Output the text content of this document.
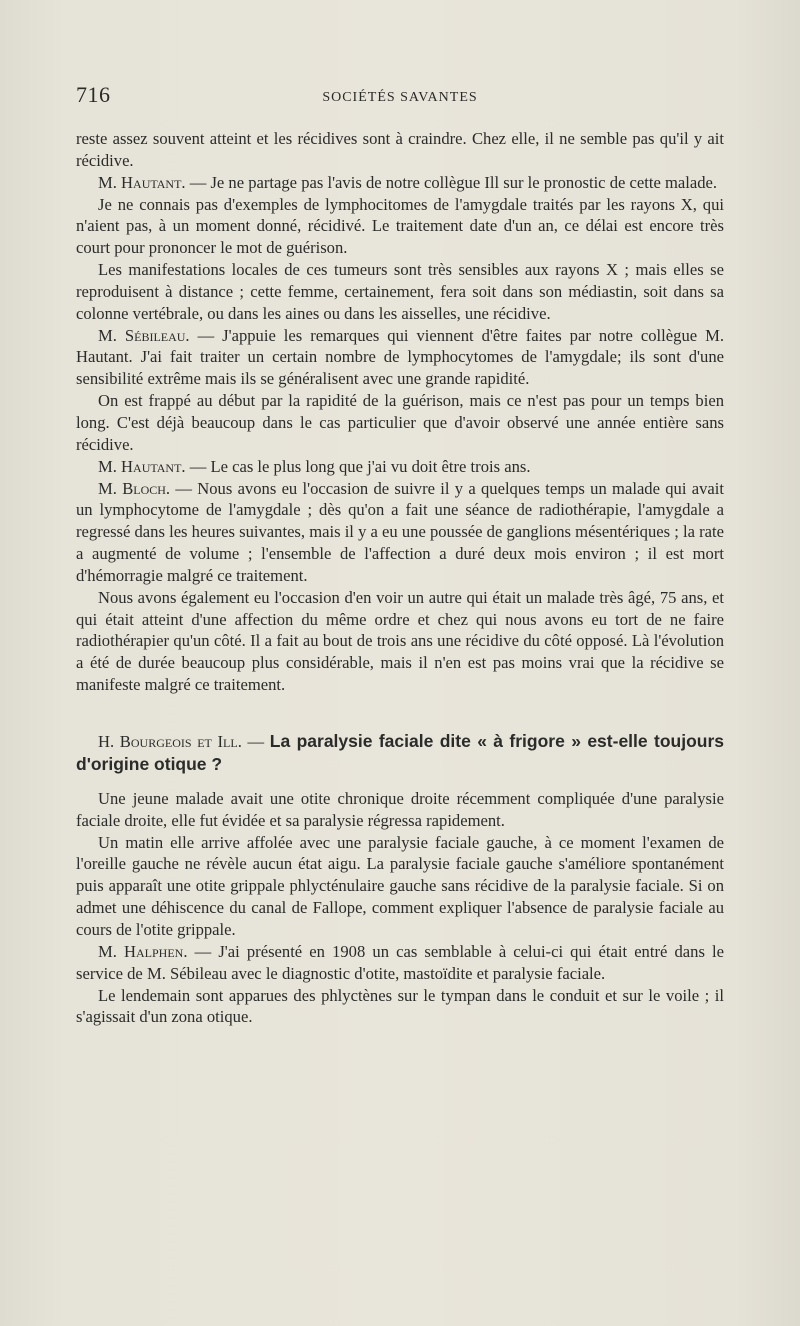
716	SOCIÉTÉS SAVANTES

reste assez souvent atteint et les récidives sont à craindre. Chez elle, il ne semble pas qu'il y ait récidive.

M. Hautant. — Je ne partage pas l'avis de notre collègue Ill sur le pronostic de cette malade.

Je ne connais pas d'exemples de lymphocitomes de l'amygdale traités par les rayons X, qui n'aient pas, à un moment donné, récidivé. Le traitement date d'un an, ce délai est encore très court pour prononcer le mot de guérison.

Les manifestations locales de ces tumeurs sont très sensibles aux rayons X ; mais elles se reproduisent à distance ; cette femme, certainement, fera soit dans son médiastin, soit dans sa colonne vertébrale, ou dans les aines ou dans les aisselles, une récidive.

M. Sébileau. — J'appuie les remarques qui viennent d'être faites par notre collègue M. Hautant. J'ai fait traiter un certain nombre de lymphocytomes de l'amygdale; ils sont d'une sensibilité extrême mais ils se généralisent avec une grande rapidité.

On est frappé au début par la rapidité de la guérison, mais ce n'est pas pour un temps bien long. C'est déjà beaucoup dans le cas particulier que d'avoir observé une année entière sans récidive.

M. Hautant. — Le cas le plus long que j'ai vu doit être trois ans.

M. Bloch. — Nous avons eu l'occasion de suivre il y a quelques temps un malade qui avait un lymphocytome de l'amygdale ; dès qu'on a fait une séance de radiothérapie, l'amygdale a regressé dans les heures suivantes, mais il y a eu une poussée de ganglions mésentériques ; la rate a augmenté de volume ; l'ensemble de l'affection a duré deux mois environ ; il est mort d'hémorragie malgré ce traitement.

Nous avons également eu l'occasion d'en voir un autre qui était un malade très âgé, 75 ans, et qui était atteint d'une affection du même ordre et chez qui nous avons eu tort de ne faire radiothérapier qu'un côté. Il a fait au bout de trois ans une récidive du côté opposé. Là l'évolution a été de durée beaucoup plus considérable, mais il n'en est pas moins vrai que la récidive se manifeste malgré ce traitement.

H. Bourgeois et Ill. — La paralysie faciale dite « à frigore » est-elle toujours d'origine otique ?

Une jeune malade avait une otite chronique droite récemment compliquée d'une paralysie faciale droite, elle fut évidée et sa paralysie régressa rapidement.

Un matin elle arrive affolée avec une paralysie faciale gauche, à ce moment l'examen de l'oreille gauche ne révèle aucun état aigu. La paralysie faciale gauche s'améliore spontanément puis apparaît une otite grippale phlycténulaire gauche sans récidive de la paralysie faciale. Si on admet une déhiscence du canal de Fallope, comment expliquer l'absence de paralysie faciale au cours de l'otite grippale.

M. Halphen. — J'ai présenté en 1908 un cas semblable à celui-ci qui était entré dans le service de M. Sébileau avec le diagnostic d'otite, mastoïdite et paralysie faciale.

Le lendemain sont apparues des phlyctènes sur le tympan dans le conduit et sur le voile ; il s'agissait d'un zona otique.
